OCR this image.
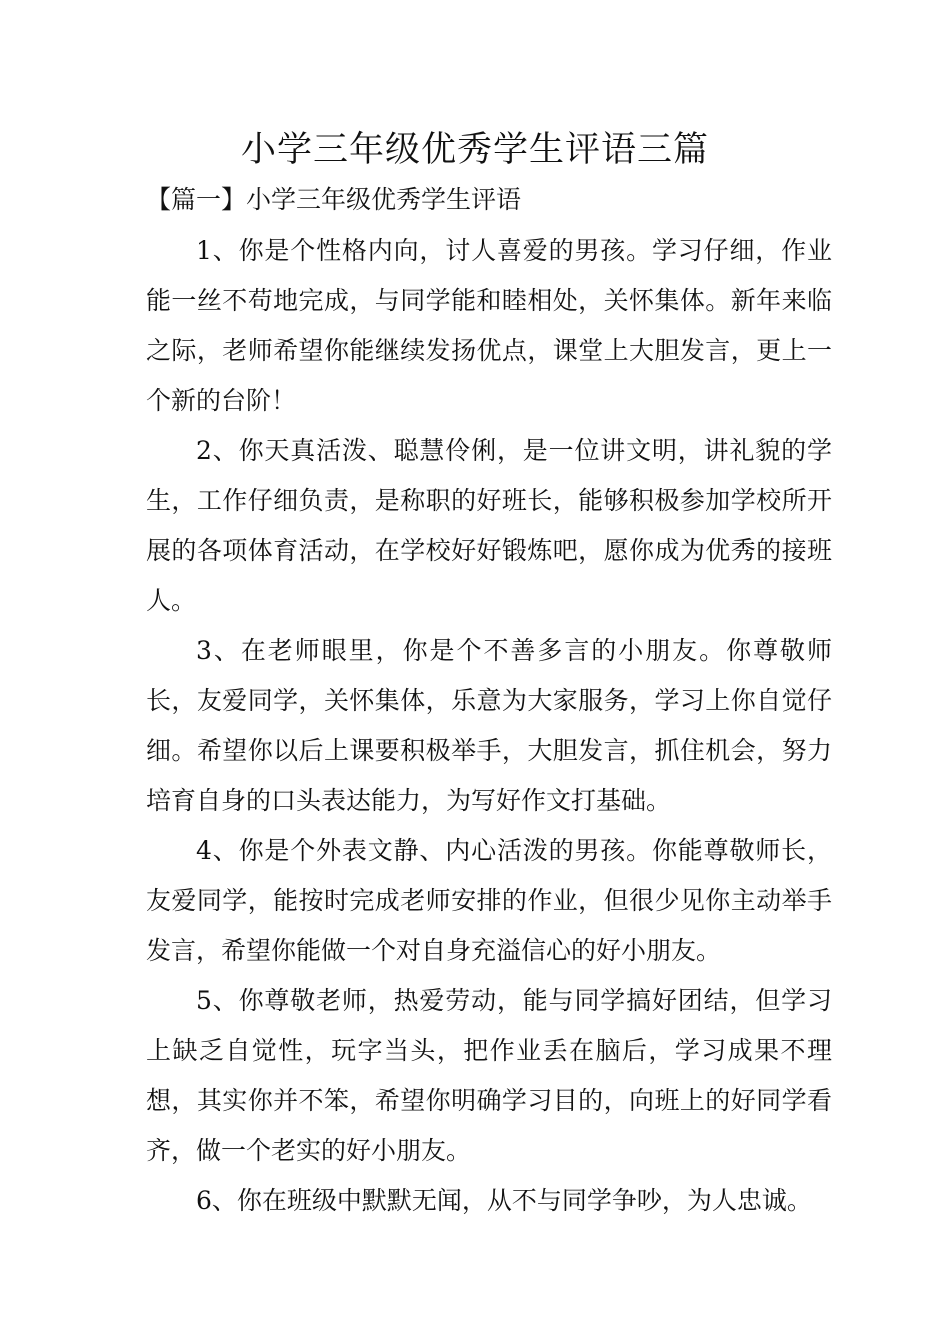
小学三年级优秀学生评语三篇
【篇一】小学三年级优秀学生评语

1、你是个性格内向，讨人喜爱的男孩。学习仔细，作业能一丝不苟地完成，与同学能和睦相处，关怀集体。新年来临之际，老师希望你能继续发扬优点，课堂上大胆发言，更上一个新的台阶！

2、你天真活泼、聪慧伶俐，是一位讲文明，讲礼貌的学生，工作仔细负责，是称职的好班长，能够积极参加学校所开展的各项体育活动，在学校好好锻炼吧，愿你成为优秀的接班人。

3、在老师眼里，你是个不善多言的小朋友。你尊敬师长，友爱同学，关怀集体，乐意为大家服务，学习上你自觉仔细。希望你以后上课要积极举手，大胆发言，抓住机会，努力培育自身的口头表达能力，为写好作文打基础。

4、你是个外表文静、内心活泼的男孩。你能尊敬师长，友爱同学，能按时完成老师安排的作业，但很少见你主动举手发言，希望你能做一个对自身充溢信心的好小朋友。

5、你尊敬老师，热爱劳动，能与同学搞好团结，但学习上缺乏自觉性，玩字当头，把作业丢在脑后，学习成果不理想，其实你并不笨，希望你明确学习目的，向班上的好同学看齐，做一个老实的好小朋友。

6、你在班级中默默无闻，从不与同学争吵，为人忠诚。
